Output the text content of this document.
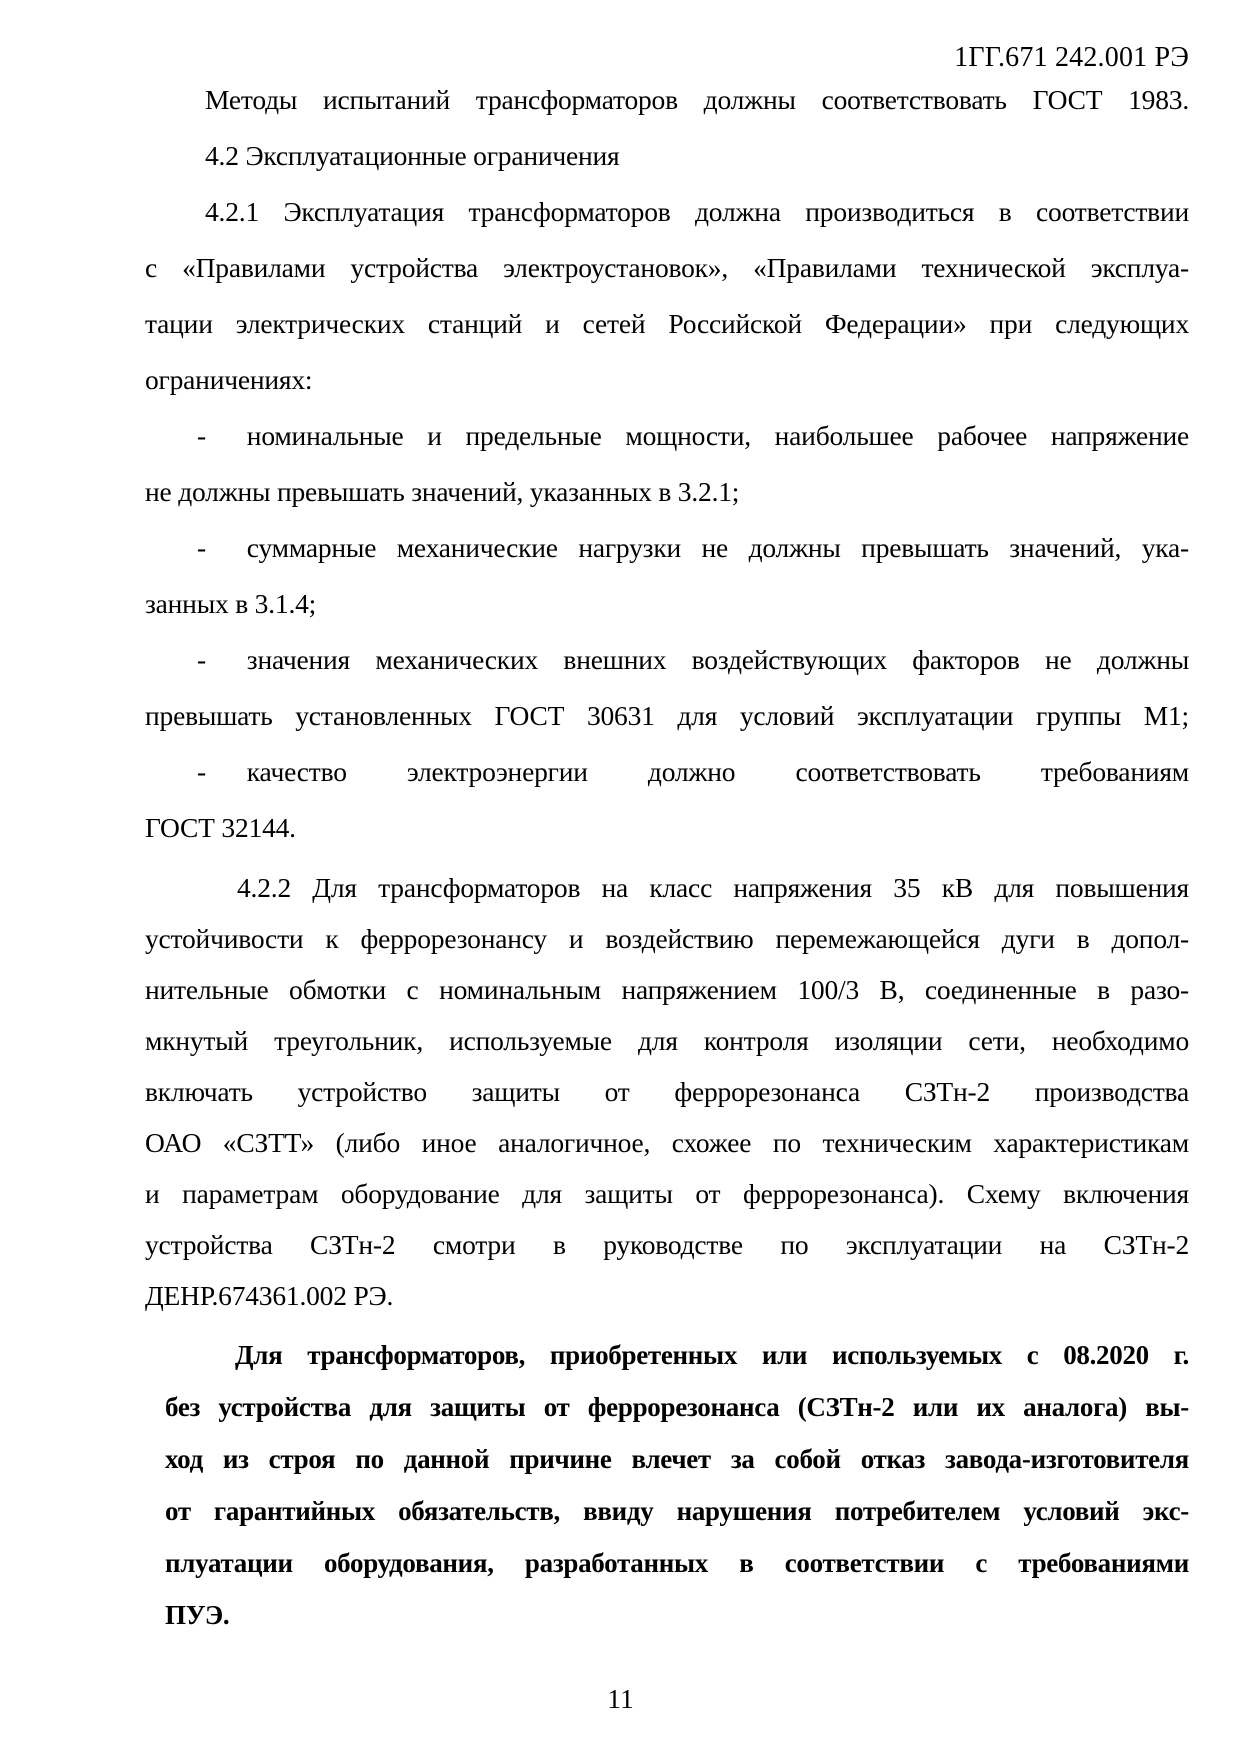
1ГГ.671 242.001 РЭ
Методы испытаний трансформаторов должны соответствовать ГОСТ 1983.
4.2 Эксплуатационные ограничения
4.2.1 Эксплуатация трансформаторов должна производиться в соответствии
с «Правилами устройства электроустановок», «Правилами технической эксплуа-
тации электрических станций и сетей Российской Федерации» при следующих
ограничениях:
-  номинальные и предельные мощности, наибольшее рабочее напряжение
не должны превышать значений, указанных в 3.2.1;
-  суммарные механические нагрузки не должны превышать значений, ука-
занных в 3.1.4;
-  значения механических внешних воздействующих факторов не должны
превышать установленных ГОСТ 30631 для условий эксплуатации группы М1;
-  качество электроэнергии должно соответствовать требованиям
ГОСТ 32144.
4.2.2 Для трансформаторов на класс напряжения 35 кВ для повышения
устойчивости к феррорезонансу и воздействию перемежающейся дуги в допол-
нительные обмотки с номинальным напряжением 100/3 В, соединенные в разо-
мкнутый треугольник, используемые для контроля изоляции сети, необходимо
включать устройство защиты от феррорезонанса СЗТн-2 производства
ОАО «СЗТТ» (либо иное аналогичное, схожее по техническим характеристикам
и параметрам оборудование для защиты от феррорезонанса). Схему включения
устройства СЗТн-2 смотри в руководстве по эксплуатации на СЗТн-2
ДЕНР.674361.002 РЭ.
Для трансформаторов, приобретенных или используемых с 08.2020 г.
без устройства для защиты от феррорезонанса (СЗТн-2 или их аналога) вы-
ход из строя по данной причине влечет за собой отказ завода-изготовителя
от гарантийных обязательств, ввиду нарушения потребителем условий экс-
плуатации оборудования, разработанных в соответствии с требованиями
ПУЭ.
11
